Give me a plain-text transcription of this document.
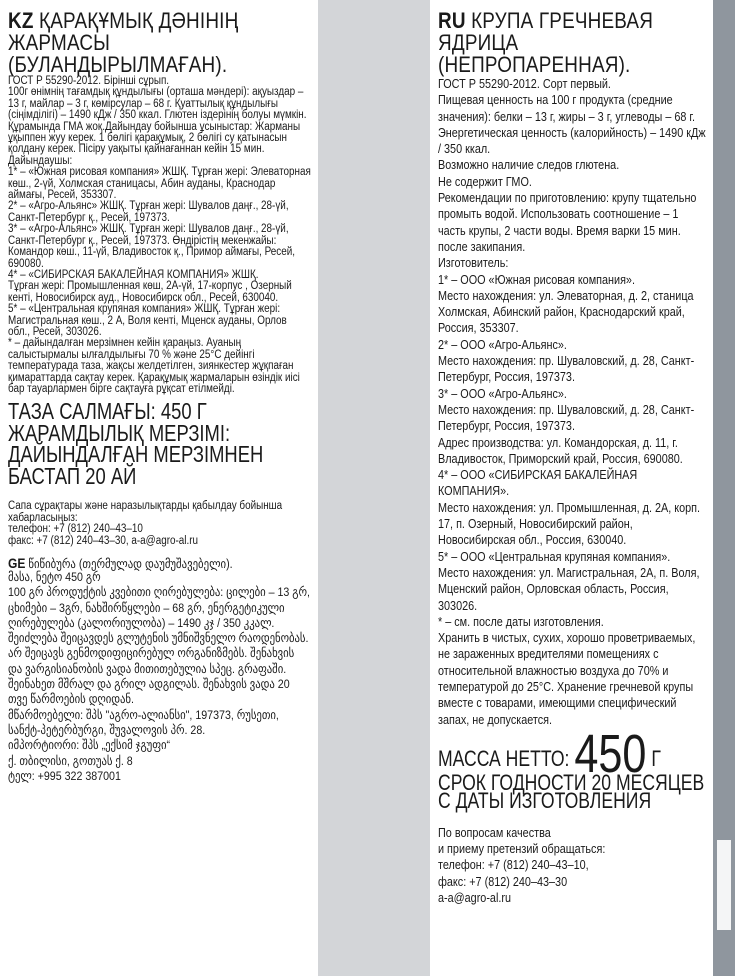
KZ ҚАРАҚҰМЫҚ ДӘНІНІҢ ЖАРМАСЫ (БУЛАНДЫРЫЛМАҒАН).
ГОСТ Р 55290-2012. Бірінші сұрып.
100г өнімнің тағамдық құндылығы (орташа мәндері): ақуыздар – 13 г, майлар – 3 г, көмірсулар – 68 г. Қуаттылық құндылығы (сіңімділігі) – 1490 кДж / 350 ккал. Глютен іздерінің болуы мүмкін. Құрамында ГМА жоқ.Дайындау бойынша ұсыныстар: Жарманы ұқыппен жуу керек. 1 бөлігі қарақұмық, 2 бөлігі су қатынасын қолдану керек. Пісіру уақыты қайнағаннан кейін 15 мин.
Дайындаушы:
1* – «Южная рисовая компания» ЖШҚ. Тұрған жері: Элеваторная көш., 2-үй, Холмская станицасы, Абин ауданы, Краснодар аймағы, Ресей, 353307.
2* – «Агро-Альянс» ЖШҚ. Тұрған жері: Шувалов даңғ., 28-үй, Санкт-Петербург қ., Ресей, 197373.
3* – «Агро-Альянс» ЖШҚ. Тұрған жері: Шувалов даңғ., 28-үй, Санкт-Петербург қ., Ресей, 197373. Өндірістің мекенжайы: Командор көш., 11-үй, Владивосток қ., Примор аймағы, Ресей, 690080.
4* – «СИБИРСКАЯ БАКАЛЕЙНАЯ КОМПАНИЯ» ЖШҚ.
Тұрған жері: Промышленная көш, 2А-үй, 17-корпус , Озерный кенті, Новосибирск ауд., Новосибирск обл., Ресей, 630040.
5* – «Центральная крупяная компания» ЖШҚ. Тұрған жері: Магистральная көш., 2 А, Воля кенті, Мценск ауданы, Орлов обл., Ресей, 303026.
* – дайындалған мерзімнен кейін қараңыз. Ауаның салыстырмалы ылғалдылығы 70 % және 25°С дейінгі температурада таза, жақсы желдетілген, зиянкестер жұқпаған қимараттарда сақтау керек. Қарақұмық жармаларын өзіндік иісі бар тауарлармен бірге сақтауға рұқсат етілмейді.
ТАЗА САЛМАҒЫ: 450 Г
ЖАРАМДЫЛЫҚ МЕРЗІМІ: ДАЙЫНДАЛҒАН МЕРЗІМНЕН БАСТАП 20 АЙ
Сапа сұрақтары және наразылықтарды қабылдау бойынша хабарласыңыз:
телефон: +7 (812) 240–43–10
факс: +7 (812) 240–43–30, a-a@agro-al.ru
GE წიწიბურა (თერმულად დაუმუშავებელი).
მასა, ნეტო 450 გრ
100 გრ პროდუქტის კვებითი ღირებულება: ცილები – 13 გრ, ცხიმები – 3გრ, ნახშირწყლები – 68 გრ, ენერგეტიკული ღირებულება (კალორიულობა) – 1490 კჯ / 350 კკალ. შეიძლება შეიცავდეს გლუტენის უმნიშვნელო რაოდენობას. არ შეიცავს გენმოდიფიცირებულ ორგანიზმებს. შენახვის და ვარგისიანობის ვადა მითითებულია სპეც. გრაფაში. შეინახეთ მშრალ და გრილ ადგილას. შენახვის ვადა 20 თვე წარმოების დღიდან.
მწარმოებელი: შპს "აგრო-ალიანსი", 197373, რუსეთი, სანქტ-პეტერბურგი, შუვალოვის პრ. 28.
იმპორტიორი: შპს „ექსიმ ჯგუფი“
ქ. თბილისი, გოთუას ქ. 8
ტელ: +995 322 387001
RU КРУПА ГРЕЧНЕВАЯ ЯДРИЦА (НЕПРОПАРЕННАЯ).
ГОСТ Р 55290-2012. Сорт первый.
Пищевая ценность на 100 г продукта (средние значения): белки – 13 г, жиры – 3 г, углеводы – 68 г. Энергетическая ценность (калорийность) – 1490 кДж / 350 ккал.
Возможно наличие следов глютена.
Не содержит ГМО.
Рекомендации по приготовлению: крупу тщательно промыть водой. Использовать соотношение – 1 часть крупы, 2 части воды. Время варки 15 мин. после закипания.
Изготовитель:
1* – ООО «Южная рисовая компания».
Место нахождения: ул. Элеваторная, д. 2, станица Холмская, Абинский район, Краснодарский край, Россия, 353307.
2* – ООО «Агро-Альянс».
Место нахождения: пр. Шуваловский, д. 28, Санкт-Петербург, Россия, 197373.
3* – ООО «Агро-Альянс».
Место нахождения: пр. Шуваловский, д. 28, Санкт-Петербург, Россия, 197373.
Адрес производства: ул. Командорская, д. 11, г. Владивосток, Приморский край, Россия, 690080.
4* – ООО «СИБИРСКАЯ БАКАЛЕЙНАЯ КОМПАНИЯ».
Место нахождения: ул. Промышленная, д. 2А, корп. 17, п. Озерный, Новосибирский район, Новосибирская обл., Россия, 630040.
5* – ООО «Центральная крупяная компания».
Место нахождения: ул. Магистральная, 2А, п. Воля, Мценский район, Орловская область, Россия, 303026.
* – см. после даты изготовления.
Хранить в чистых, сухих, хорошо проветриваемых, не зараженных вредителями помещениях с относительной влажностью воздуха до 70% и температурой до 25°С. Хранение гречневой крупы вместе с товарами, имеющими специфический запах, не допускается.
МАССА НЕТТО: 450 Г
СРОК ГОДНОСТИ 20 МЕСЯЦЕВ С ДАТЫ ИЗГОТОВЛЕНИЯ
По вопросам качества
и приему претензий обращаться:
телефон: +7 (812) 240–43–10,
факс: +7 (812) 240–43–30
a-a@agro-al.ru
